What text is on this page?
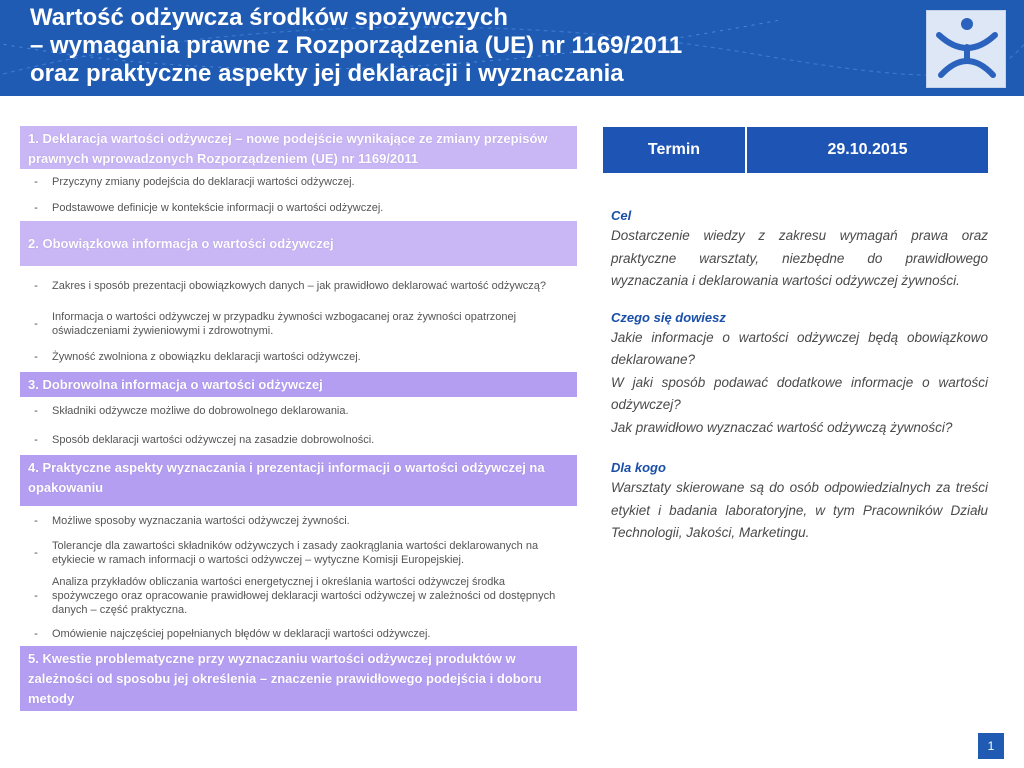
Wartość odżywcza środków spożywczych
– wymagania prawne z Rozporządzenia (UE) nr 1169/2011
oraz praktyczne aspekty jej deklaracji i wyznaczania
1. Deklaracja wartości odżywczej – nowe podejście wynikające ze zmiany przepisów prawnych wprowadzonych Rozporządzeniem (UE) nr 1169/2011
-	Przyczyny zmiany podejścia do deklaracji wartości odżywczej.
-	Podstawowe definicje w kontekście informacji o wartości odżywczej.
2. Obowiązkowa informacja o wartości odżywczej
-	Zakres i sposób prezentacji obowiązkowych danych – jak prawidłowo deklarować wartość odżywczą?
-
Informacja o wartości odżywczej w przypadku żywności wzbogacanej oraz żywności opatrzonej oświadczeniami żywieniowymi i zdrowotnymi.
-	Żywność zwolniona z obowiązku deklaracji wartości odżywczej.
3. Dobrowolna informacja o wartości odżywczej
-	Składniki odżywcze możliwe do dobrowolnego deklarowania.
-	Sposób deklaracji wartości odżywczej na zasadzie dobrowolności.
4. Praktyczne aspekty wyznaczania i prezentacji informacji o wartości odżywczej na opakowaniu
-	Możliwe sposoby wyznaczania wartości odżywczej żywności.
-
Tolerancje dla zawartości składników odżywczych i zasady zaokrąglania wartości deklarowanych na etykiecie w ramach informacji o wartości odżywczej – wytyczne Komisji Europejskiej.
-
Analiza przykładów obliczania wartości energetycznej i określania wartości odżywczej środka spożywczego oraz opracowanie prawidłowej deklaracji wartości odżywczej w zależności od dostępnych danych – część praktyczna.
-	Omówienie najczęściej popełnianych błędów w deklaracji wartości odżywczej.
5. Kwestie problematyczne przy wyznaczaniu wartości odżywczej produktów w zależności od sposobu jej określenia – znaczenie prawidłowego podejścia i doboru metody
Termin	29.10.2015
Cel
Dostarczenie wiedzy z zakresu wymagań prawa oraz praktyczne warsztaty, niezbędne do prawidłowego wyznaczania i deklarowania wartości odżywczej żywności.
Czego się dowiesz
Jakie informacje o wartości odżywczej będą obowiązkowo deklarowane?
W jaki sposób podawać dodatkowe informacje o wartości odżywczej?
Jak prawidłowo wyznaczać wartość odżywczą żywności?
Dla kogo
Warsztaty skierowane są do osób odpowiedzialnych za treści etykiet i badania laboratoryjne, w tym Pracowników Działu Technologii, Jakości, Marketingu.
1
